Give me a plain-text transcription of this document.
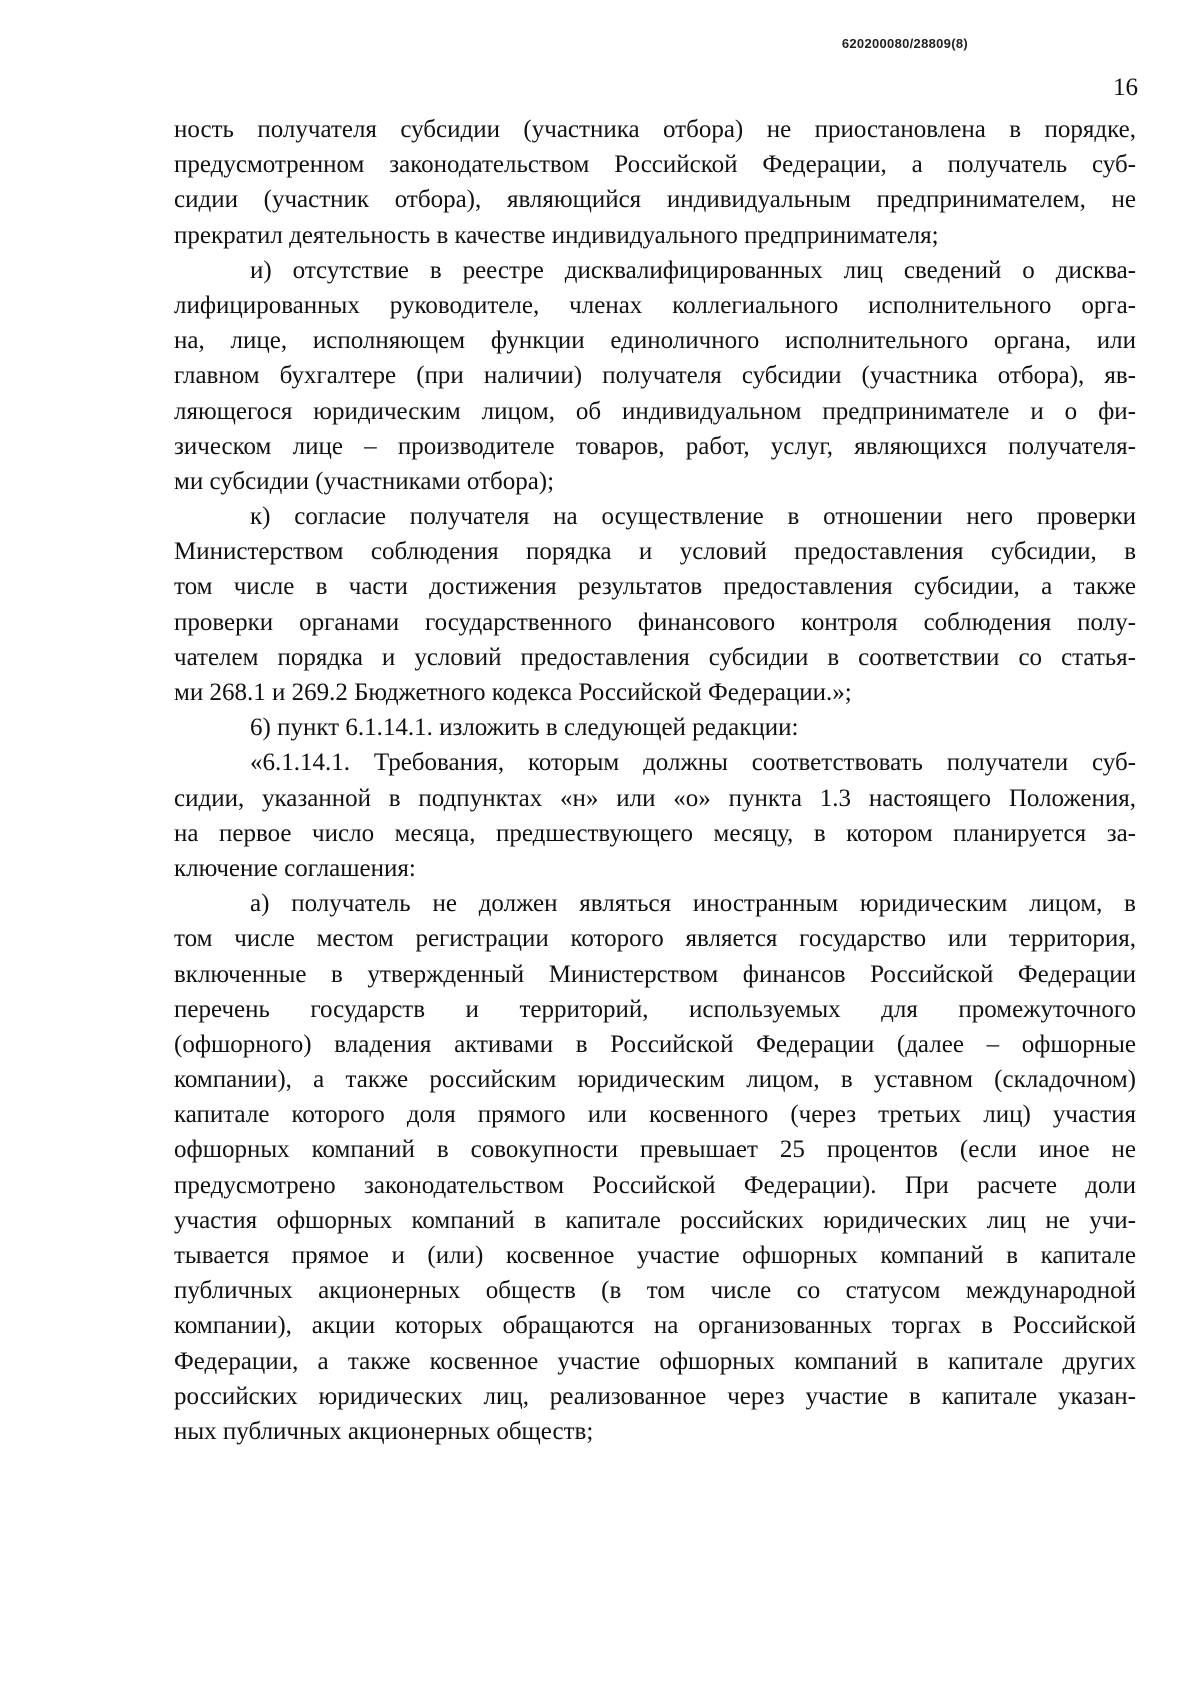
620200080/28809(8)
16
ность получателя субсидии (участника отбора) не приостановлена в порядке,
предусмотренном законодательством Российской Федерации, а получатель суб-
сидии (участник отбора), являющийся индивидуальным предпринимателем, не
прекратил деятельность в качестве индивидуального предпринимателя;
и) отсутствие в реестре дисквалифицированных лиц сведений о дисква-
лифицированных руководителе, членах коллегиального исполнительного орга-
на, лице, исполняющем функции единоличного исполнительного органа, или
главном бухгалтере (при наличии) получателя субсидии (участника отбора), яв-
ляющегося юридическим лицом, об индивидуальном предпринимателе и о фи-
зическом лице – производителе товаров, работ, услуг, являющихся получателя-
ми субсидии (участниками отбора);
к) согласие получателя на осуществление в отношении него проверки
Министерством соблюдения порядка и условий предоставления субсидии, в
том числе в части достижения результатов предоставления субсидии, а также
проверки органами государственного финансового контроля соблюдения полу-
чателем порядка и условий предоставления субсидии в соответствии со статья-
ми 268.1 и 269.2 Бюджетного кодекса Российской Федерации.»;
6) пункт 6.1.14.1. изложить в следующей редакции:
«6.1.14.1. Требования, которым должны соответствовать получатели суб-
сидии, указанной в подпунктах «н» или «о» пункта 1.3 настоящего Положения,
на первое число месяца, предшествующего месяцу, в котором планируется за-
ключение соглашения:
а) получатель не должен являться иностранным юридическим лицом, в
том числе местом регистрации которого является государство или территория,
включенные в утвержденный Министерством финансов Российской Федерации
перечень государств и территорий, используемых для промежуточного
(офшорного) владения активами в Российской Федерации (далее – офшорные
компании), а также российским юридическим лицом, в уставном (складочном)
капитале которого доля прямого или косвенного (через третьих лиц) участия
офшорных компаний в совокупности превышает 25 процентов (если иное не
предусмотрено законодательством Российской Федерации). При расчете доли
участия офшорных компаний в капитале российских юридических лиц не учи-
тывается прямое и (или) косвенное участие офшорных компаний в капитале
публичных акционерных обществ (в том числе со статусом международной
компании), акции которых обращаются на организованных торгах в Российской
Федерации, а также косвенное участие офшорных компаний в капитале других
российских юридических лиц, реализованное через участие в капитале указан-
ных публичных акционерных обществ;
